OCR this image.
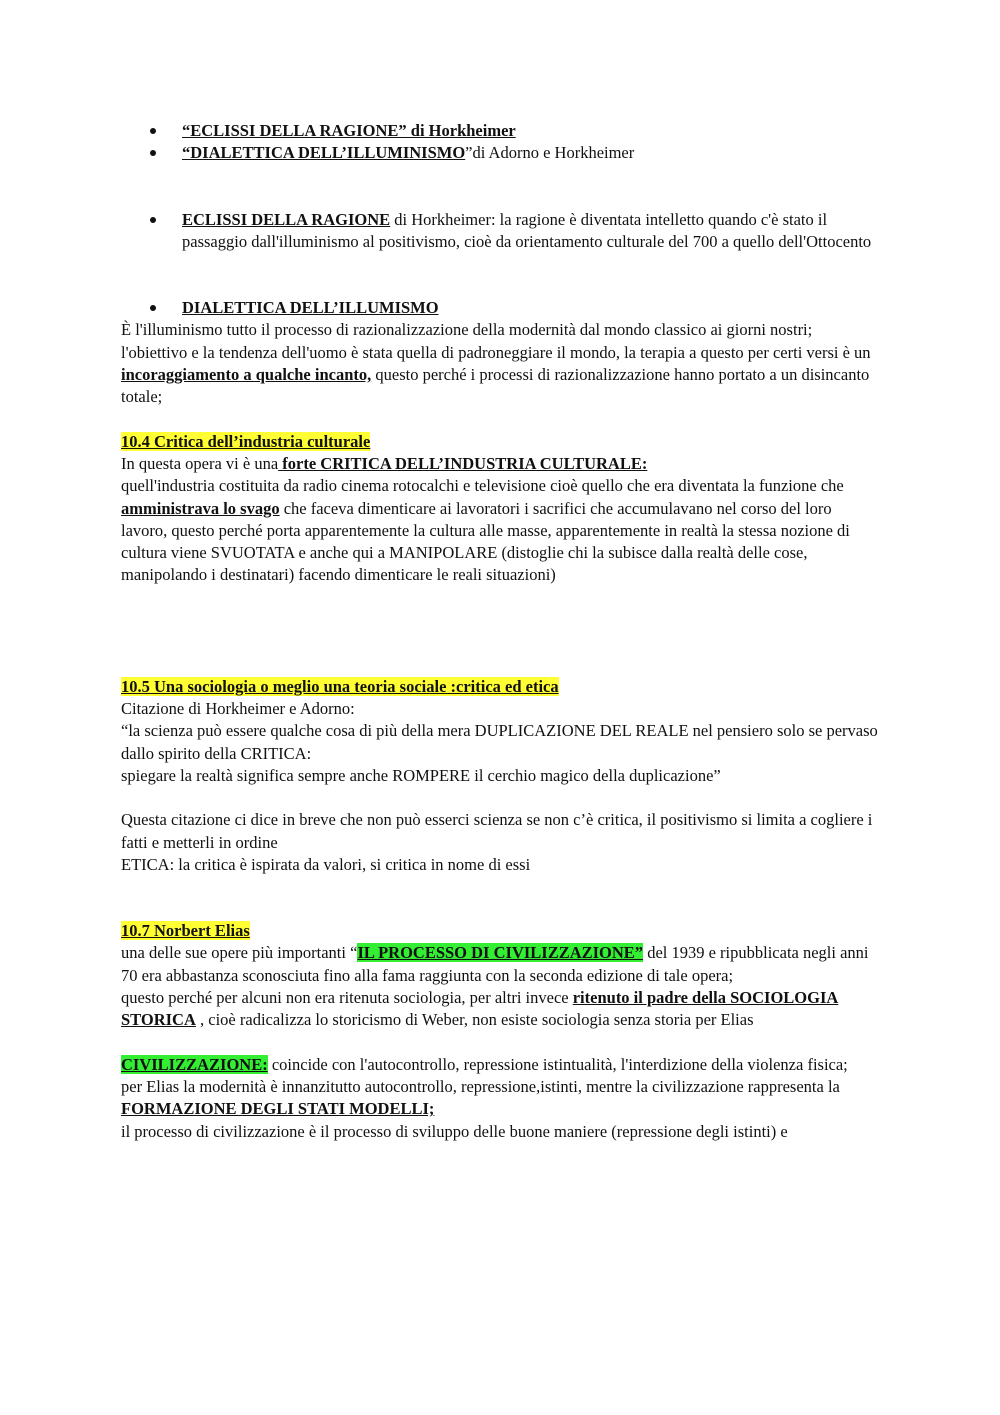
“ECLISSI DELLA RAGIONE” di Horkheimer
“DIALETTICA DELL’ILLUMINISMO”di Adorno e Horkheimer
ECLISSI DELLA RAGIONE di Horkheimer: la ragione è diventata intelletto quando c'è stato il passaggio dall'illuminismo al positivismo, cioè da orientamento culturale del 700 a quello dell'Ottocento
DIALETTICA DELL’ILLUMISMO

È l'illuminismo tutto il processo di razionalizzazione della modernità dal mondo classico ai giorni nostri;

l'obiettivo e la tendenza dell'uomo è stata quella di padroneggiare il mondo, la terapia a questo per certi versi è un incoraggiamento a qualche incanto, questo perché i processi di razionalizzazione hanno portato a un disincanto totale;

10.4 Critica dell’industria culturale

In questa opera vi è una forte CRITICA DELL’INDUSTRIA CULTURALE:

quell'industria costituita da radio cinema rotocalchi e televisione cioè quello che era diventata la funzione che amministrava lo svago che faceva dimenticare ai lavoratori i sacrifici che accumulavano nel corso del loro lavoro, questo perché porta apparentemente la cultura alle masse, apparentemente in realtà la stessa nozione di cultura viene SVUOTATA e anche qui a MANIPOLARE (distoglie chi la subisce dalla realtà delle cose, manipolando i destinatari) facendo dimenticare le reali situazioni)

10.5 Una sociologia o meglio una teoria sociale :critica ed etica

Citazione di Horkheimer e Adorno:

“la scienza può essere qualche cosa di più della mera DUPLICAZIONE DEL REALE nel pensiero solo se pervaso dallo spirito della CRITICA:

spiegare la realtà significa sempre anche ROMPERE il cerchio magico della duplicazione”

Questa citazione ci dice in breve che non può esserci scienza se non c’è critica, il positivismo si limita a cogliere i fatti e metterli in ordine

ETICA: la critica è ispirata da valori, si critica in nome di essi

10.7 Norbert Elias

una delle sue opere più importanti “IL PROCESSO DI CIVILIZZAZIONE” del 1939 e ripubblicata negli anni 70 era abbastanza sconosciuta fino alla fama raggiunta con la seconda edizione di tale opera;

questo perché per alcuni non era ritenuta sociologia, per altri invece ritenuto il padre della SOCIOLOGIA STORICA , cioè radicalizza lo storicismo di Weber, non esiste sociologia senza storia per Elias

CIVILIZZAZIONE: coincide con l'autocontrollo, repressione istintualità, l'interdizione della violenza fisica;

per Elias la modernità è innanzitutto autocontrollo, repressione,istinti, mentre la civilizzazione rappresenta la FORMAZIONE DEGLI STATI MODELLI;

il processo di civilizzazione è il processo di sviluppo delle buone maniere (repressione degli istinti) e
